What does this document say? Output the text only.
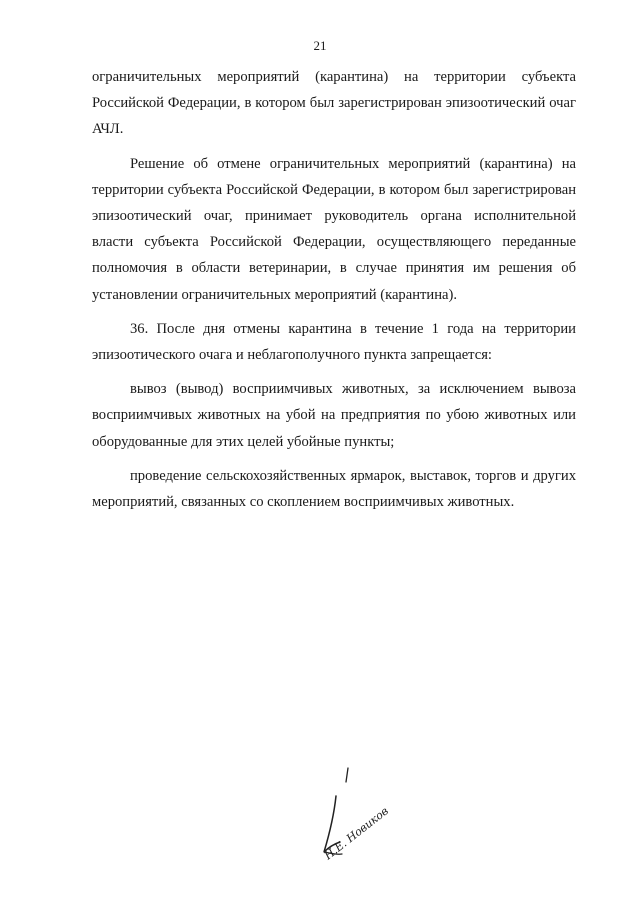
21

ограничительных мероприятий (карантина) на территории субъекта Российской Федерации, в котором был зарегистрирован эпизоотический очаг АЧЛ.

Решение об отмене ограничительных мероприятий (карантина) на территории субъекта Российской Федерации, в котором был зарегистрирован эпизоотический очаг, принимает руководитель органа исполнительной власти субъекта Российской Федерации, осуществляющего переданные полномочия в области ветеринарии, в случае принятия им решения об установлении ограничительных мероприятий (карантина).

36. После дня отмены карантина в течение 1 года на территории эпизоотического очага и неблагополучного пункта запрещается:

вывоз (вывод) восприимчивых животных, за исключением вывоза восприимчивых животных на убой на предприятия по убою животных или оборудованные для этих целей убойные пункты;

проведение сельскохозяйственных ярмарок, выставок, торгов и других мероприятий, связанных со скоплением восприимчивых животных.

Н.Е. Новиков
